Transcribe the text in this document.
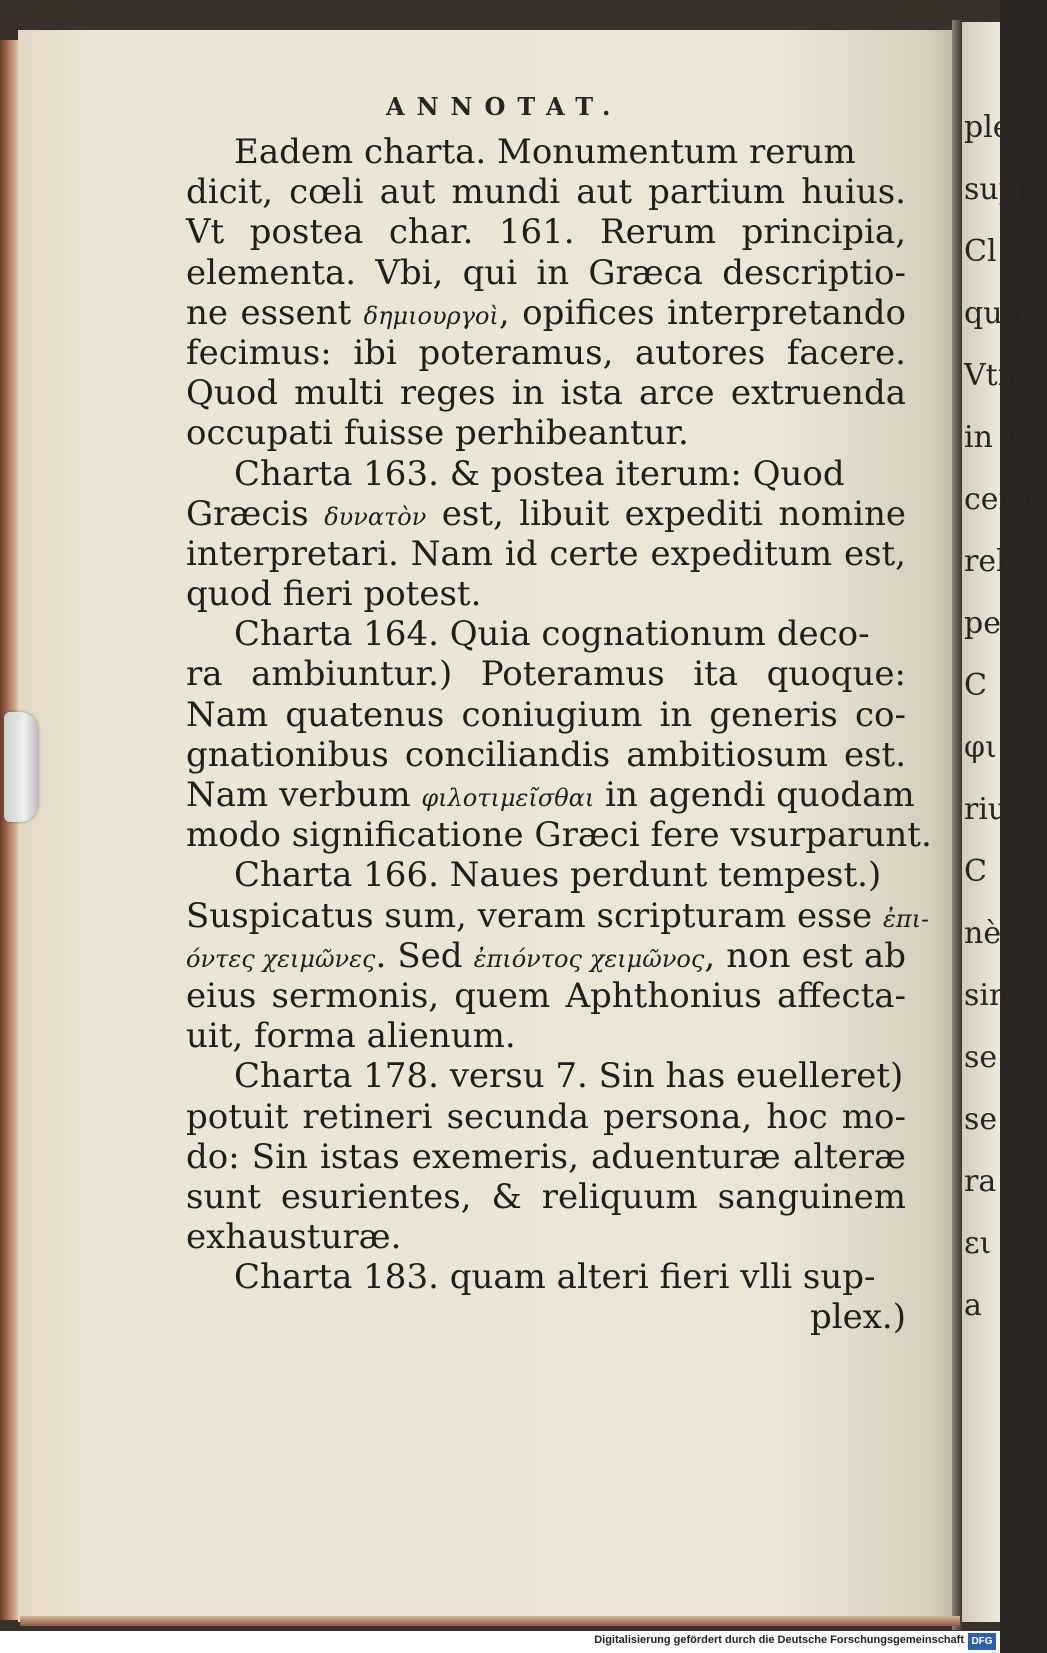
plex.
supp.
Cl
quin
Vtn
in T
cero
reli
perp
C
φι
rius
C
nè
sin
se
se
ra
ει
a
ANNOTAT.
Eadem charta. Monumentum rerum
dicit, cœli aut mundi aut partium huius.
Vt postea char. 161. Rerum principia,
elementa. Vbi, qui in Græca descriptio-
ne essent δημιουργοὶ, opifices interpretando
fecimus: ibi poteramus, autores facere.
Quod multi reges in ista arce extruenda
occupati fuisse perhibeantur.
Charta 163. & postea iterum: Quod
Græcis δυνατὸν est, libuit expediti nomine
interpretari. Nam id certe expeditum est,
quod fieri potest.
Charta 164. Quia cognationum deco-
ra ambiuntur.) Poteramus ita quoque:
Nam quatenus coniugium in generis co-
gnationibus conciliandis ambitiosum est.
Nam verbum φιλοτιμεῖσθαι in agendi quodam
modo significatione Græci fere vsurparunt.
Charta 166. Naues perdunt tempest.)
Suspicatus sum, veram scripturam esse ἐπι-
όντες χειμῶνες. Sed ἐπιόντος χειμῶνος, non est ab
eius sermonis, quem Aphthonius affecta-
uit, forma alienum.
Charta 178. versu 7. Sin has euelleret)
potuit retineri secunda persona, hoc mo-
do: Sin istas exemeris, aduenturæ alteræ
sunt esurientes, & reliquum sanguinem
exhausturæ.
Charta 183. quam alteri fieri vlli sup-
plex.)
Digitalisierung gefördert durch die Deutsche Forschungsgemeinschaft DFG
